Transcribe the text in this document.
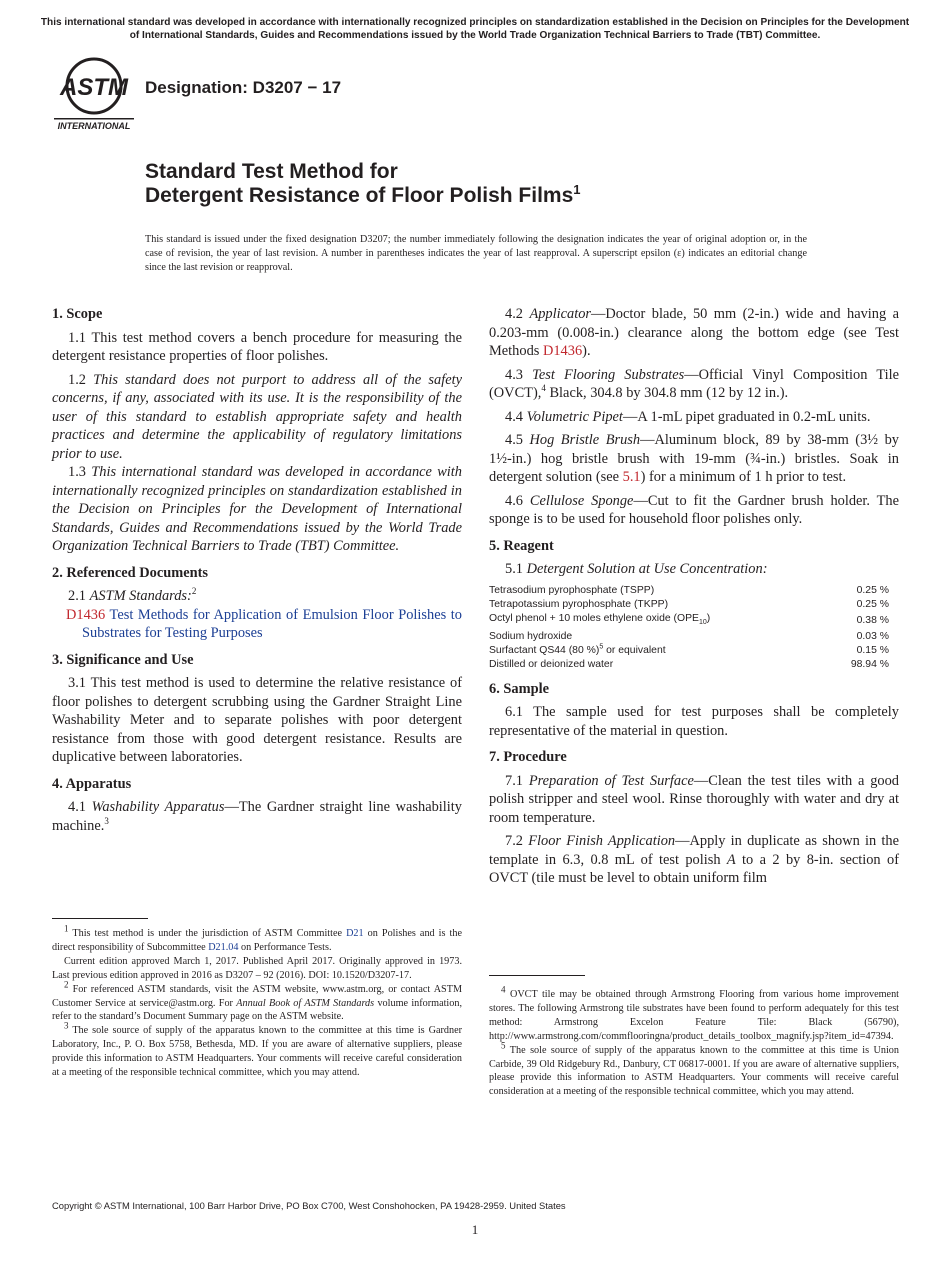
This international standard was developed in accordance with internationally recognized principles on standardization established in the Decision on Principles for the Development of International Standards, Guides and Recommendations issued by the World Trade Organization Technical Barriers to Trade (TBT) Committee.
ASTM
INTERNATIONAL
Designation: D3207 − 17
Standard Test Method for
Detergent Resistance of Floor Polish Films$^1$
This standard is issued under the fixed designation D3207; the number immediately following the designation indicates the year of original adoption or, in the case of revision, the year of last revision. A number in parentheses indicates the year of last reapproval. A superscript epsilon (ε) indicates an editorial change since the last revision or reapproval.
1. Scope

1.1 This test method covers a bench procedure for measuring the detergent resistance properties of floor polishes.

1.2 This standard does not purport to address all of the safety concerns, if any, associated with its use. It is the responsibility of the user of this standard to establish appropriate safety and health practices and determine the applicability of regulatory limitations prior to use.

1.3 This international standard was developed in accordance with internationally recognized principles on standardization established in the Decision on Principles for the Development of International Standards, Guides and Recommendations issued by the World Trade Organization Technical Barriers to Trade (TBT) Committee.

2. Referenced Documents

2.1 ASTM Standards:$^2$

D1436 Test Methods for Application of Emulsion Floor Polishes to Substrates for Testing Purposes

3. Significance and Use

3.1 This test method is used to determine the relative resistance of floor polishes to detergent scrubbing using the Gardner Straight Line Washability Meter and to separate polishes with poor detergent resistance from those with good detergent resistance. Results are duplicative between laboratories.

4. Apparatus

4.1 Washability Apparatus—The Gardner straight line washability machine.$^3$

$^1$ This test method is under the jurisdiction of ASTM Committee D21 on Polishes and is the direct responsibility of Subcommittee D21.04 on Performance Tests.

Current edition approved March 1, 2017. Published April 2017. Originally approved in 1973. Last previous edition approved in 2016 as D3207 – 92 (2016). DOI: 10.1520/D3207-17.

$^2$ For referenced ASTM standards, visit the ASTM website, www.astm.org, or contact ASTM Customer Service at service@astm.org. For Annual Book of ASTM Standards volume information, refer to the standard’s Document Summary page on the ASTM website.

$^3$ The sole source of supply of the apparatus known to the committee at this time is Gardner Laboratory, Inc., P. O. Box 5758, Bethesda, MD. If you are aware of alternative suppliers, please provide this information to ASTM Headquarters. Your comments will receive careful consideration at a meeting of the responsible technical committee, which you may attend.

4.2 Applicator—Doctor blade, 50 mm (2-in.) wide and having a 0.203-mm (0.008-in.) clearance along the bottom edge (see Test Methods D1436).

4.3 Test Flooring Substrates—Official Vinyl Composition Tile (OVCT),$^4$ Black, 304.8 by 304.8 mm (12 by 12 in.).

4.4 Volumetric Pipet—A 1-mL pipet graduated in 0.2-mL units.

4.5 Hog Bristle Brush—Aluminum block, 89 by 38-mm (3½ by 1½-in.) hog bristle brush with 19-mm (¾-in.) bristles. Soak in detergent solution (see 5.1) for a minimum of 1 h prior to test.

4.6 Cellulose Sponge—Cut to fit the Gardner brush holder. The sponge is to be used for household floor polishes only.

5. Reagent

5.1 Detergent Solution at Use Concentration:

Tetrasodium pyrophosphate (TSPP)	0.25 %
Tetrapotassium pyrophosphate (TKPP)	0.25 %
Octyl phenol + 10 moles ethylene oxide $(OPE_{10})$	0.38 %
Sodium hydroxide	0.03 %
Surfactant QS44 (80 %)$^5$ or equivalent	0.15 %
Distilled or deionized water	98.94 %
6. Sample

6.1 The sample used for test purposes shall be completely representative of the material in question.

7. Procedure

7.1 Preparation of Test Surface—Clean the test tiles with a good polish stripper and steel wool. Rinse thoroughly with water and dry at room temperature.

7.2 Floor Finish Application—Apply in duplicate as shown in the template in 6.3, 0.8 mL of test polish A to a 2 by 8-in. section of OVCT (tile must be level to obtain uniform film

$^4$ OVCT tile may be obtained through Armstrong Flooring from various home improvement stores. The following Armstrong tile substrates have been found to perform adequately for this test method: Armstrong Excelon Feature Tile: Black (56790), http://www.armstrong.com/commflooringna/product_details_toolbox_magnify.jsp?item_id=47394.

$^5$ The sole source of supply of the apparatus known to the committee at this time is Union Carbide, 39 Old Ridgebury Rd., Danbury, CT 06817-0001. If you are aware of alternative suppliers, please provide this information to ASTM Headquarters. Your comments will receive careful consideration at a meeting of the responsible technical committee, which you may attend.

Copyright © ASTM International, 100 Barr Harbor Drive, PO Box C700, West Conshohocken, PA 19428-2959. United States
1
